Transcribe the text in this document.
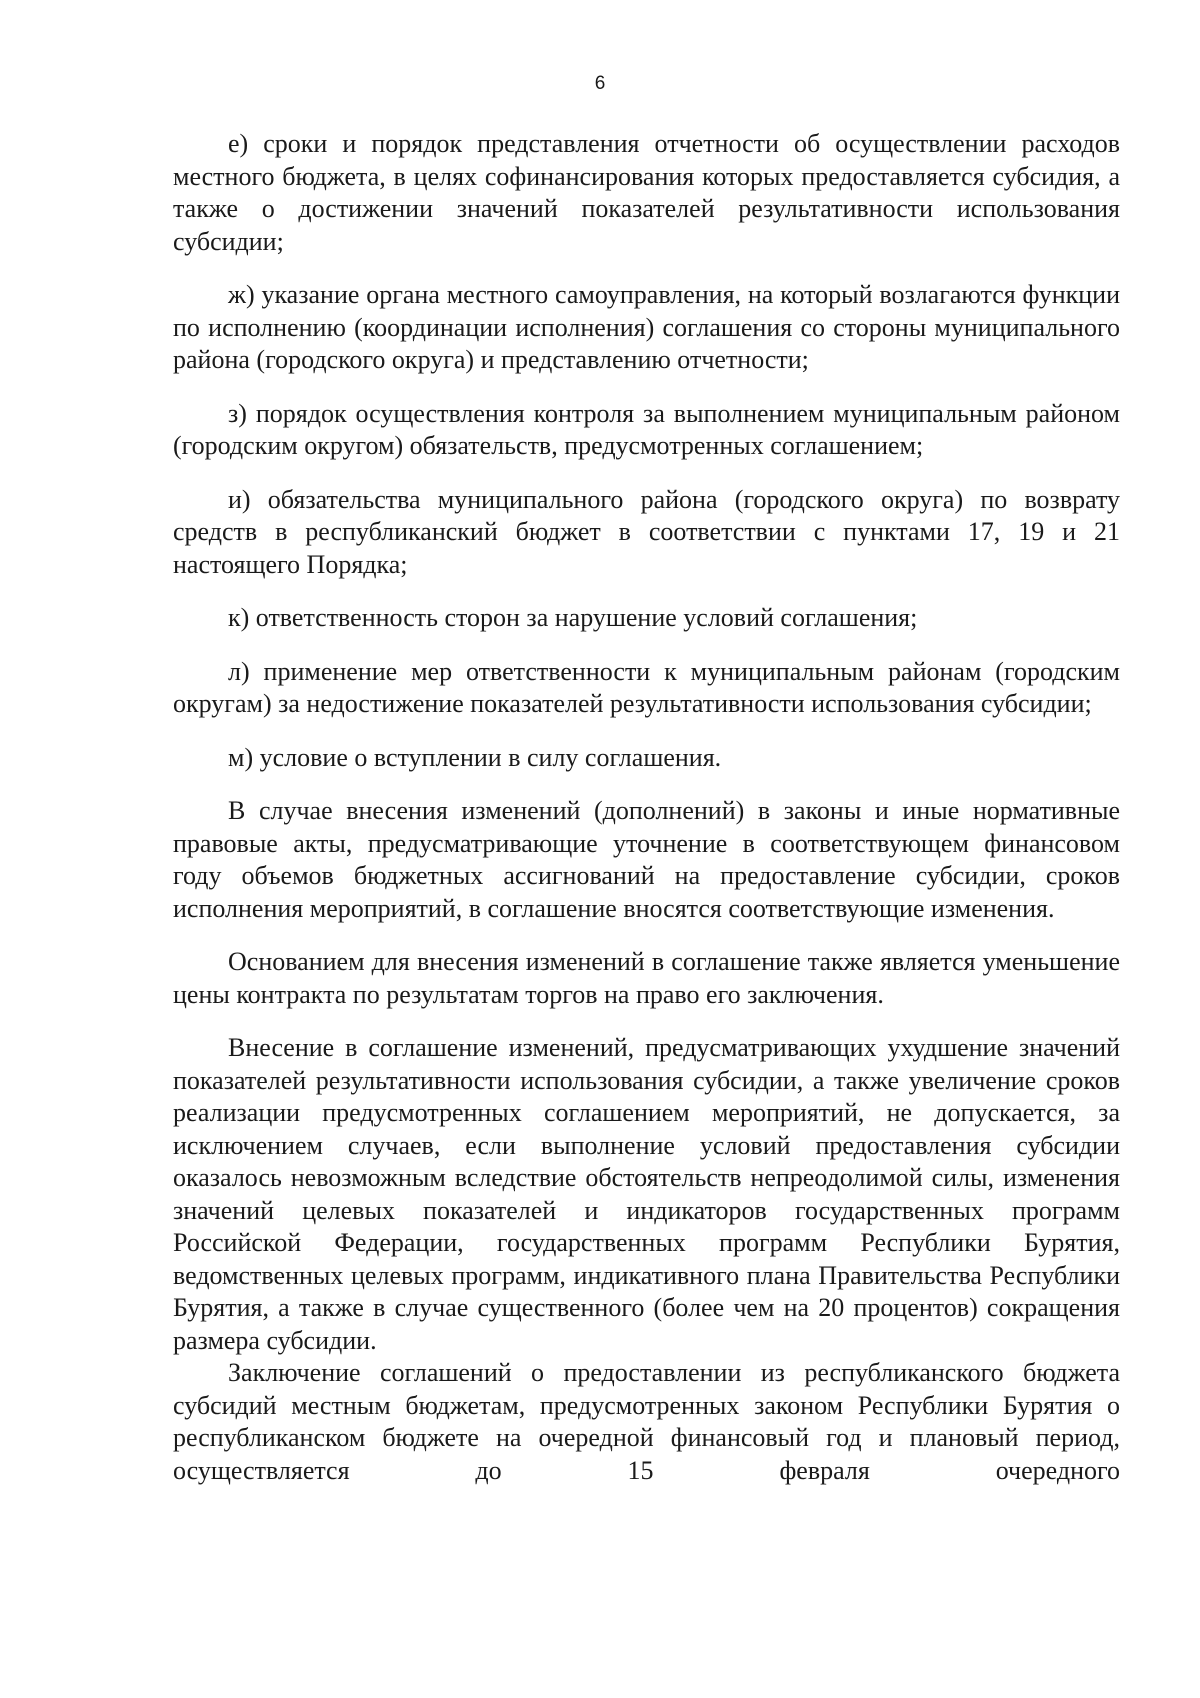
6

е) сроки и порядок представления отчетности об осуществлении расходов местного бюджета, в целях софинансирования которых предоставляется субсидия, а также о достижении значений показателей результативности использования субсидии;

ж) указание органа местного самоуправления, на который возлагаются функции по исполнению (координации исполнения) соглашения со стороны муниципального района (городского округа) и представлению отчетности;

з) порядок осуществления контроля за выполнением муниципальным районом (городским округом) обязательств, предусмотренных соглашением;

и) обязательства муниципального района (городского округа) по возврату средств в республиканский бюджет в соответствии с пунктами 17, 19 и 21 настоящего Порядка;

к) ответственность сторон за нарушение условий соглашения;

л) применение мер ответственности к муниципальным районам (городским округам) за недостижение показателей результативности использования субсидии;

м) условие о вступлении в силу соглашения.

В случае внесения изменений (дополнений) в законы и иные нормативные правовые акты, предусматривающие уточнение в соответствующем финансовом году объемов бюджетных ассигнований на предоставление субсидии, сроков исполнения мероприятий, в соглашение вносятся соответствующие изменения.

Основанием для внесения изменений в соглашение также является уменьшение цены контракта по результатам торгов на право его заключения.

Внесение в соглашение изменений, предусматривающих ухудшение значений показателей результативности использования субсидии, а также увеличение сроков реализации предусмотренных соглашением мероприятий, не допускается, за исключением случаев, если выполнение условий предоставления субсидии оказалось невозможным вследствие обстоятельств непреодолимой силы, изменения значений целевых показателей и индикаторов государственных программ Российской Федерации, государственных программ Республики Бурятия, ведомственных целевых программ, индикативного плана Правительства Республики Бурятия, а также в случае существенного (более чем на 20 процентов) сокращения размера субсидии.

Заключение соглашений о предоставлении из республиканского бюджета субсидий местным бюджетам, предусмотренных законом Республики Бурятия о республиканском бюджете на очередной финансовый год и плановый период, осуществляется до 15 февраля очередного
